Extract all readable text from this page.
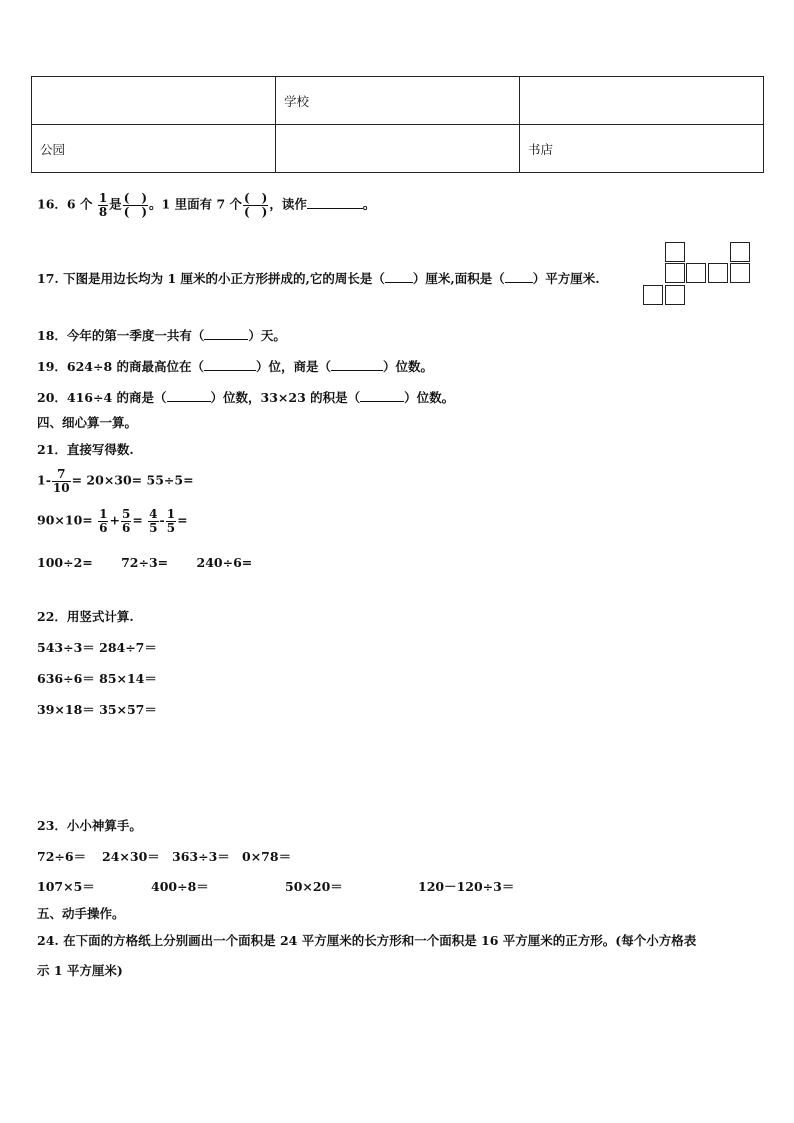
	学校	
公园		书店
16．6 个 $\frac{1}{8}$ 是 $\frac{( )}{( )}$ 。1 里面有 7 个 $\frac{( )}{( )}$ ，读作	。
17. 下图是用边长均为 1 厘米的小正方形拼成的,它的周长是（ ）厘米,面积是（ ）平方厘米.
18．今年的第一季度一共有（	）天。
19．624÷8 的商最高位在（	）位，商是（	）位数。
20．416÷4 的商是（	）位数，33×23 的积是（	）位数。
四、细心算一算。
21．直接写得数.
$1- \frac{7}{10} = 20\times 30= 55\div 5=$
$90\times 10= \frac{1}{6} + \frac{5}{6} = \frac{4}{5} - \frac{1}{5}$ =
100÷2= 72÷3= 240÷6=
22．用竖式计算.
543÷3＝ 284÷7＝
636÷6＝ 85×14＝
39×18＝ 35×57＝
23．小小神算手。
72÷6＝ 24×30＝ 363÷3＝ 0×78＝
107×5＝	400÷8＝	50×20＝	120－120÷3＝
五、动手操作。
24. 在下面的方格纸上分别画出一个面积是 24 平方厘米的长方形和一个面积是 16 平方厘米的正方形。(每个小方格表
示 1 平方厘米)
